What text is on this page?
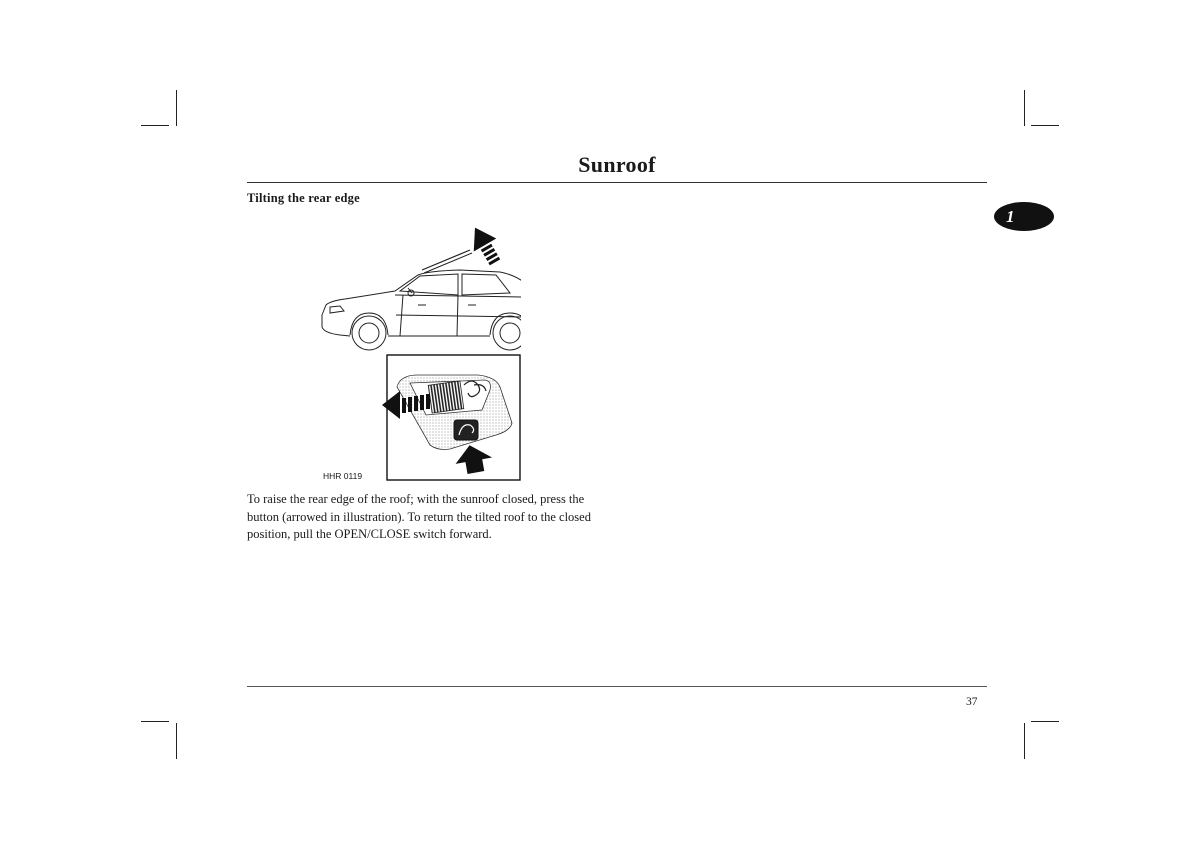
Sunroof
1
Tilting the rear edge
HHR 0119

To raise the rear edge of the roof; with the sunroof closed, press the button (arrowed in illustration). To return the tilted roof to the closed position, pull the OPEN/CLOSE switch forward.

37
